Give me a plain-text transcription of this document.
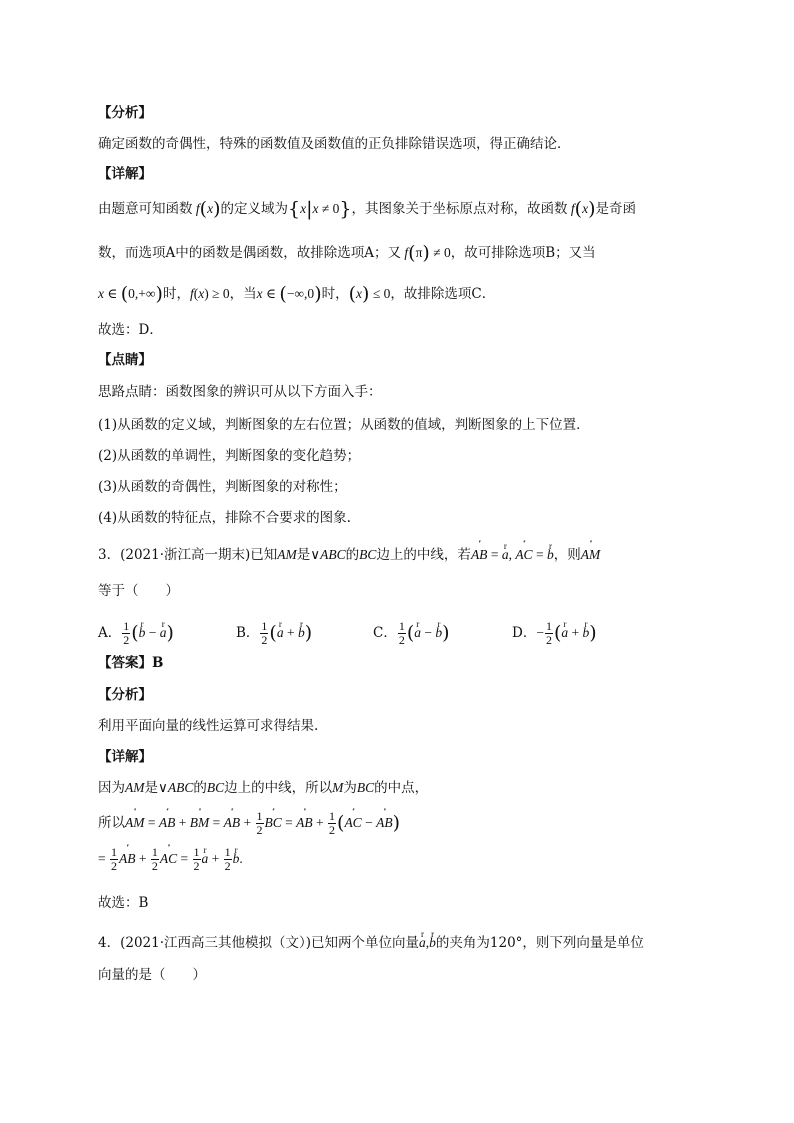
【分析】
确定函数的奇偶性，特殊的函数值及函数值的正负排除错误选项，得正确结论．
【详解】
由题意可知函数 f(x)的定义域为{x|x ≠ 0}，其图象关于坐标原点对称，故函数 f(x)是奇函
数，而选项A中的函数是偶函数，故排除选项A；又 f(π) ≠ 0，故可排除选项B；又当
x ∈ (0,+∞)时，f(x) ≥ 0，当x ∈ (−∞,0)时，(x) ≤ 0，故排除选项C．
故选：D．
【点睛】
思路点睛：函数图象的辨识可从以下方面入手：
(1)从函数的定义域，判断图象的左右位置；从函数的值域，判断图象的上下位置．
(2)从函数的单调性，判断图象的变化趋势；
(3)从函数的奇偶性，判断图象的对称性；
(4)从函数的特征点，排除不合要求的图象.
3．(2021·浙江高一期末)已知AM是∨ABC的BC边上的中线，若′′ AB = r a, ′′ AC = r b，则′′ AM
等于（　　）
A． $\frac{1}{2} (r$ b − r a)	B． $\frac{1}{2} (r$ a + r b)	C． $\frac{1}{2} (r$ a − r b)	D．− $\frac{1}{2} (r$ a + r b)
【答案】B
【分析】
利用平面向量的线性运算可求得结果.
【详解】
因为AM是∨ABC的BC边上的中线，所以M为BC的中点，
所以′′ AM = ′′ AB + ′′ BM = ′′ AB + $\frac{1}{2}$ ′′ BC = ′′ AB + $\frac{1}{2}$ (′′ AC − ′′ AB)
= $\frac{1}{2}$ ′′ AB + $\frac{1}{2}$ ′′ AC = $\frac{1}{2}$ r $a + \frac{1}{2}$ r b.
故选：B
4．(2021·江西高三其他模拟（文）)已知两个单位向量r a,r b的夹角为120°，则下列向量是单位
向量的是（　　）
